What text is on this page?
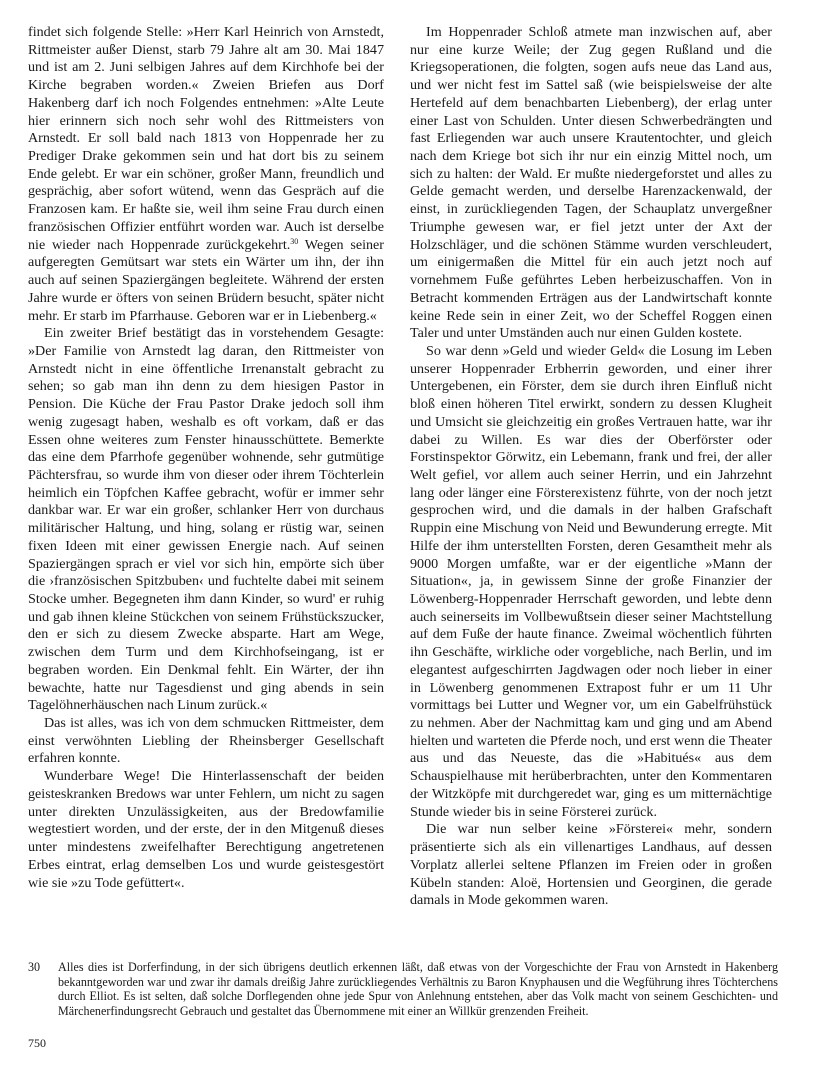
findet sich folgende Stelle: »Herr Karl Heinrich von Arnstedt, Rittmeister außer Dienst, starb 79 Jahre alt am 30. Mai 1847 und ist am 2. Juni selbigen Jahres auf dem Kirchhofe bei der Kirche begraben worden.« Zweien Briefen aus Dorf Hakenberg darf ich noch Folgendes entnehmen: »Alte Leute hier erinnern sich noch sehr wohl des Rittmeisters von Arnstedt. Er soll bald nach 1813 von Hoppenrade her zu Prediger Drake gekommen sein und hat dort bis zu seinem Ende gelebt. Er war ein schöner, großer Mann, freundlich und gesprächig, aber sofort wütend, wenn das Gespräch auf die Franzosen kam. Er haßte sie, weil ihm seine Frau durch einen französischen Offizier entführt worden war. Auch ist derselbe nie wieder nach Hoppenrade zurückgekehrt.$^{30}$ Wegen seiner aufgeregten Gemütsart war stets ein Wärter um ihn, der ihn auch auf seinen Spaziergängen begleitete. Während der ersten Jahre wurde er öfters von seinen Brüdern besucht, später nicht mehr. Er starb im Pfarrhause. Geboren war er in Liebenberg.«

Ein zweiter Brief bestätigt das in vorstehendem Gesagte: »Der Familie von Arnstedt lag daran, den Rittmeister von Arnstedt nicht in eine öffentliche Irrenanstalt gebracht zu sehen; so gab man ihn denn zu dem hiesigen Pastor in Pension. Die Küche der Frau Pastor Drake jedoch soll ihm wenig zugesagt haben, weshalb es oft vorkam, daß er das Essen ohne weiteres zum Fenster hinausschüttete. Bemerkte das eine dem Pfarrhofe gegenüber wohnende, sehr gutmütige Pächtersfrau, so wurde ihm von dieser oder ihrem Töchterlein heimlich ein Töpfchen Kaffee gebracht, wofür er immer sehr dankbar war. Er war ein großer, schlanker Herr von durchaus militärischer Haltung, und hing, solang er rüstig war, seinen fixen Ideen mit einer gewissen Energie nach. Auf seinen Spaziergängen sprach er viel vor sich hin, empörte sich über die ›französischen Spitzbuben‹ und fuchtelte dabei mit seinem Stocke umher. Begegneten ihm dann Kinder, so wurd' er ruhig und gab ihnen kleine Stückchen von seinem Frühstückszucker, den er sich zu diesem Zwecke absparte. Hart am Wege, zwischen dem Turm und dem Kirchhofseingang, ist er begraben worden. Ein Denkmal fehlt. Ein Wärter, der ihn bewachte, hatte nur Tagesdienst und ging abends in sein Tagelöhnerhäuschen nach Linum zurück.«

Das ist alles, was ich von dem schmucken Rittmeister, dem einst verwöhnten Liebling der Rheinsberger Gesellschaft erfahren konnte.

Wunderbare Wege! Die Hinterlassenschaft der beiden geisteskranken Bredows war unter Fehlern, um nicht zu sagen unter direkten Unzulässigkeiten, aus der Bredowfamilie wegtestiert worden, und der erste, der in den Mitgenuß dieses unter mindestens zweifelhafter Berechtigung angetretenen Erbes eintrat, erlag demselben Los und wurde geistesgestört wie sie »zu Tode gefüttert«.

Im Hoppenrader Schloß atmete man inzwischen auf, aber nur eine kurze Weile; der Zug gegen Rußland und die Kriegsoperationen, die folgten, sogen aufs neue das Land aus, und wer nicht fest im Sattel saß (wie beispielsweise der alte Hertefeld auf dem benachbarten Liebenberg), der erlag unter einer Last von Schulden. Unter diesen Schwerbedrängten und fast Erliegenden war auch unsere Krautentochter, und gleich nach dem Kriege bot sich ihr nur ein einzig Mittel noch, um sich zu halten: der Wald. Er mußte niedergeforstet und alles zu Gelde gemacht werden, und derselbe Harenzackenwald, der einst, in zurückliegenden Tagen, der Schauplatz unvergeßner Triumphe gewesen war, er fiel jetzt unter der Axt der Holzschläger, und die schönen Stämme wurden verschleudert, um einigermaßen die Mittel für ein auch jetzt noch auf vornehmem Fuße geführtes Leben herbeizuschaffen. Von in Betracht kommenden Erträgen aus der Landwirtschaft konnte keine Rede sein in einer Zeit, wo der Scheffel Roggen einen Taler und unter Umständen auch nur einen Gulden kostete.

So war denn »Geld und wieder Geld« die Losung im Leben unserer Hoppenrader Erbherrin geworden, und einer ihrer Untergebenen, ein Förster, dem sie durch ihren Einfluß nicht bloß einen höheren Titel erwirkt, sondern zu dessen Klugheit und Umsicht sie gleichzeitig ein großes Vertrauen hatte, war ihr dabei zu Willen. Es war dies der Oberförster oder Forstinspektor Görwitz, ein Lebemann, frank und frei, der aller Welt gefiel, vor allem auch seiner Herrin, und ein Jahrzehnt lang oder länger eine Försterexistenz führte, von der noch jetzt gesprochen wird, und die damals in der halben Grafschaft Ruppin eine Mischung von Neid und Bewunderung erregte. Mit Hilfe der ihm unterstellten Forsten, deren Gesamtheit mehr als 9000 Morgen umfaßte, war er der eigentliche »Mann der Situation«, ja, in gewissem Sinne der große Finanzier der Löwenberg-Hoppenrader Herrschaft geworden, und lebte denn auch seinerseits im Vollbewußtsein dieser seiner Machtstellung auf dem Fuße der haute finance. Zweimal wöchentlich führten ihn Geschäfte, wirkliche oder vorgebliche, nach Berlin, und im elegantest aufgeschirrten Jagdwagen oder noch lieber in einer in Löwenberg genommenen Extrapost fuhr er um 11 Uhr vormittags bei Lutter und Wegner vor, um ein Gabelfrühstück zu nehmen. Aber der Nachmittag kam und ging und am Abend hielten und warteten die Pferde noch, und erst wenn die Theater aus und das Neueste, das die »Habitués« aus dem Schauspielhause mit herüberbrachten, unter den Kommentaren der Witzköpfe mit durchgeredet war, ging es um mitternächtige Stunde wieder bis in seine Försterei zurück.

Die war nun selber keine »Försterei« mehr, sondern präsentierte sich als ein villenartiges Landhaus, auf dessen Vorplatz allerlei seltene Pflanzen im Freien oder in großen Kübeln standen: Aloë, Hortensien und Georginen, die gerade damals in Mode gekommen waren.

30 Alles dies ist Dorferfindung, in der sich übrigens deutlich erkennen läßt, daß etwas von der Vorgeschichte der Frau von Arnstedt in Hakenberg bekanntgeworden war und zwar ihr damals dreißig Jahre zurückliegendes Verhältnis zu Baron Knyphausen und die Wegführung ihres Töchterchens durch Elliot. Es ist selten, daß solche Dorflegenden ohne jede Spur von Anlehnung entstehen, aber das Volk macht von seinem Geschichten- und Märchenerfindungsrecht Gebrauch und gestaltet das Übernommene mit einer an Willkür grenzenden Freiheit.
750
